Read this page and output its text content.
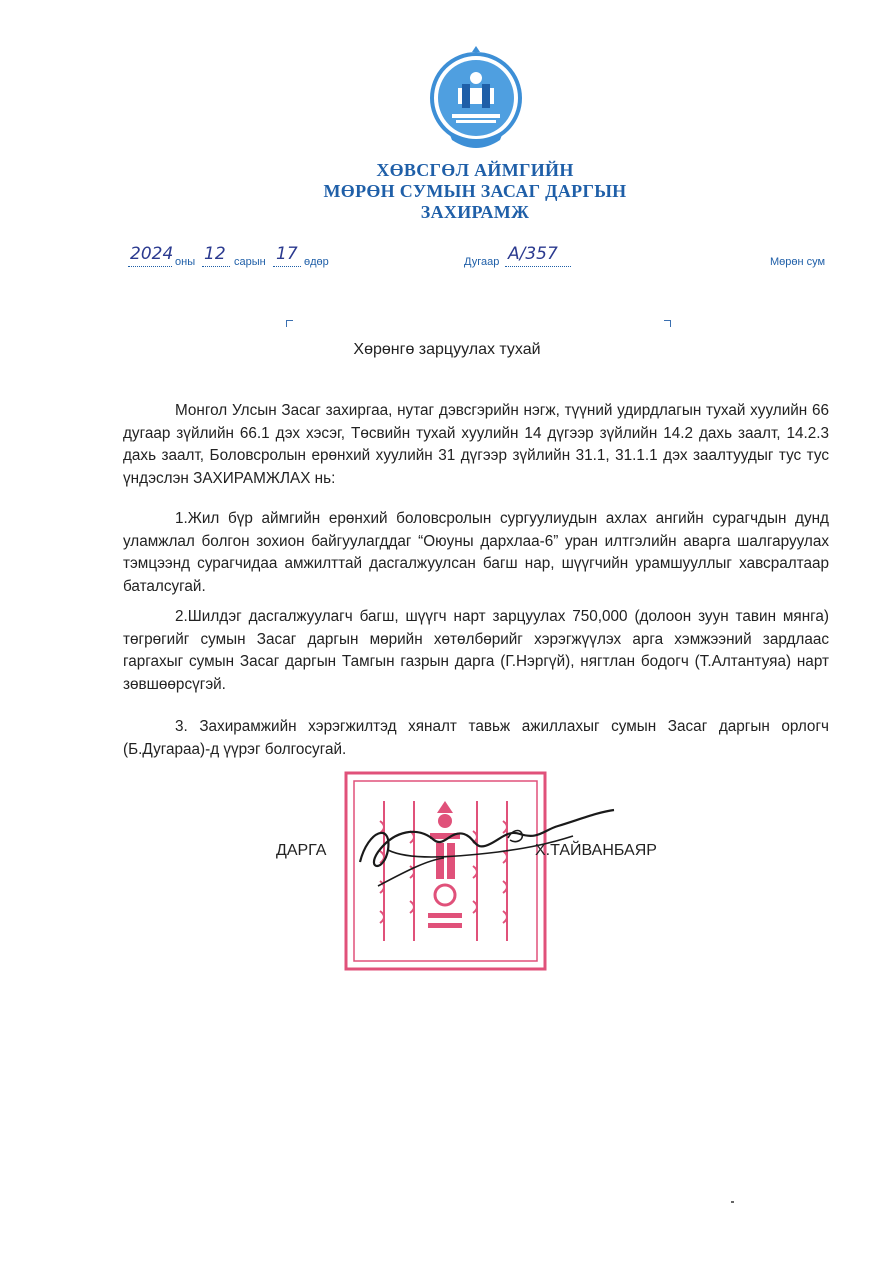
ХӨВСГӨЛ АЙМГИЙН
МӨРӨН СУМЫН ЗАСАГ ДАРГЫН
ЗАХИРАМЖ
2024 оны 12 сарын 17 өдөр	Дугаар А/357	Мөрөн сум
Хөрөнгө зарцуулах тухай

Монгол Улсын Засаг захиргаа, нутаг дэвсгэрийн нэгж, түүний удирдлагын тухай хуулийн 66 дугаар зүйлийн 66.1 дэх хэсэг, Төсвийн тухай хуулийн 14 дүгээр зүйлийн 14.2 дахь заалт, 14.2.3 дахь заалт, Боловсролын ерөнхий хуулийн 31 дүгээр зүйлийн 31.1, 31.1.1 дэх заалтуудыг тус тус үндэслэн ЗАХИРАМЖЛАХ нь:

1.Жил бүр аймгийн ерөнхий боловсролын сургуулиудын ахлах ангийн сурагчдын дунд уламжлал болгон зохион байгуулагддаг “Оюуны дархлаа-6” уран илтгэлийн аварга шалгаруулах тэмцээнд сурагчидаа амжилттай дасгалжуулсан багш нар, шүүгчийн урамшууллыг хавсралтаар баталсугай.

2.Шилдэг дасгалжуулагч багш, шүүгч нарт зарцуулах 750,000 (долоон зуун тавин мянга) төгрөгийг сумын Засаг даргын мөрийн хөтөлбөрийг хэрэгжүүлэх арга хэмжээний зардлаас гаргахыг сумын Засаг даргын Тамгын газрын дарга (Г.Нэргүй), нягтлан бодогч (Т.Алтантуяа) нарт зөвшөөрсүгэй.

3. Захирамжийн хэрэгжилтэд хяналт тавьж ажиллахыг сумын Засаг даргын орлогч (Б.Дугараа)-д үүрэг болгосугай.

ДАРГА	Х.ТАЙВАНБАЯР
